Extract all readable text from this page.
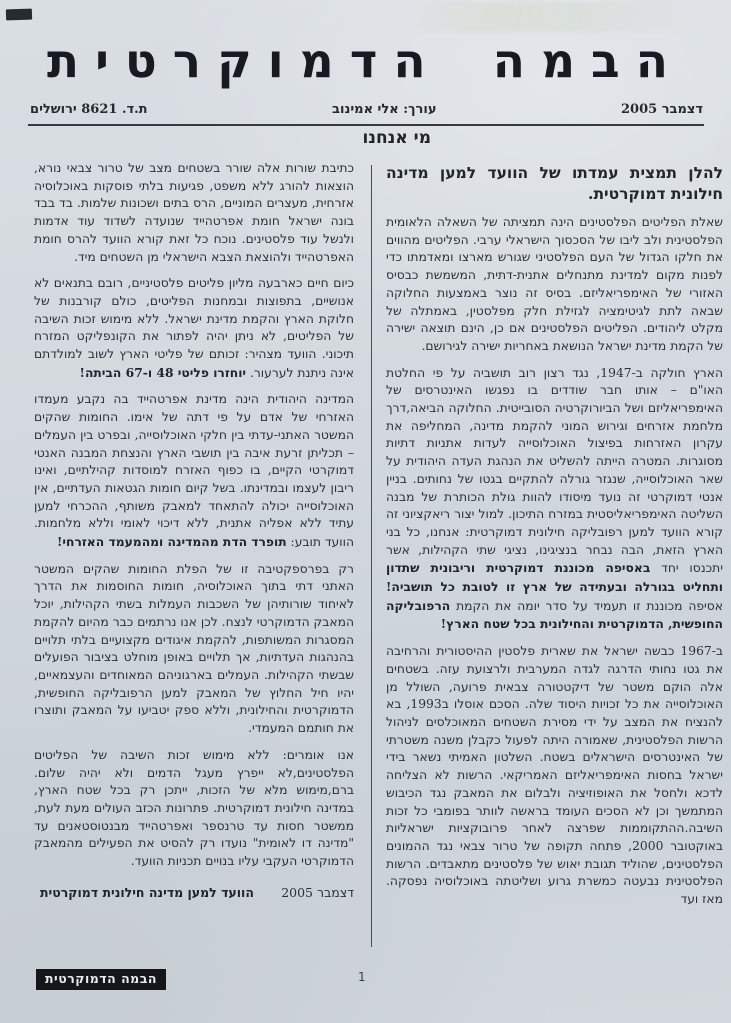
הבמה הדמוקרטית
דצמבר 2005
עורך: אלי אמינוב
ת.ד. 8621 ירושלים
מי אנחנו

להלן תמצית עמדתו של הוועד למען מדינה חילונית דמוקרטית.

שאלת הפליטים הפלסטינים הינה תמציתה של השאלה הלאומית הפלסטינית ולב ליבו של הסכסוך הישראלי ערבי. הפליטים מהווים את חלקו הגדול של העם הפלסטיני שגורש מארצו ומאדמתו כדי לפנות מקום למדינת מתנחלים אתנית-דתית, המשמשת כבסיס האזורי של האימפריאליזם. בסיס זה נוצר באמצעות החלוקה שבאה לתת לגיטימציה לגזילת חלק מפלסטין, באמתלה של מקלט ליהודים. הפליטים הפלסטינים אם כן, הינם תוצאה ישירה של הקמת מדינת ישראל הנושאת באחריות ישירה לגירושם.

הארץ חולקה ב-1947, נגד רצון רוב תושביה על פי החלטת האו"ם – אותו חבר שודדים בו נפגשו האינטרסים של האימפריאליזם ושל הביורוקרטיה הסובייטית. החלוקה הביאה,דרך מלחמת אזרחים וגירוש המוני להקמת מדינה, המחליפה את עקרון האזרחות בפיצול האוכלוסייה לעדות אתניות דתיות מסוגרות. המטרה הייתה להשליט את הנהגת העדה היהודית על שאר האוכלוסייה, שנגזר גורלה להתקיים בגטו של נחותים. בניין אנטי דמוקרטי זה נועד מיסודו להוות גולת הכותרת של מבנה השליטה האימפריאליסטית במזרח התיכון. למול יצור ריאקציוני זה קורא הוועד למען רפובליקה חילונית דמוקרטית: אנחנו, כל בני הארץ הזאת, הבה נבחר בנציגינו, נציגי שתי הקהילות, אשר יתכנסו יחד באסיפה מכוננת דמוקרטית וריבונית שתדון ותחליט בגורלה ובעתידה של ארץ זו לטובת כל תושביה! אסיפה מכוננת זו תעמיד על סדר יומה את הקמת הרפובליקה החופשית, הדמוקרטית והחילונית בכל שטח הארץ!

ב-1967 כבשה ישראל את שארית פלסטין ההיסטורית והרחיבה את גטו נחותי הדרגה לגדה המערבית ולרצועת עזה. בשטחים אלה הוקם משטר של דיקטטורה צבאית פרועה, השולל מן האוכלוסייה את כל זכויות היסוד שלה. הסכם אוסלו ב1993, בא להנציח את המצב על ידי מסירת השטחים המאוכלסים לניהול הרשות הפלסטינית, שאמורה היתה לפעול כקבלן משנה משטרתי של האינטרסים הישראלים בשטח. השלטון האמיתי נשאר בידי ישראל בחסות האימפריאליזם האמריקאי. הרשות לא הצליחה לדכא ולחסל את האופוזיציה ולבלום את המאבק נגד הכיבוש המתמשך וכן לא הסכים העומד בראשה לוותר בפומבי כל זכות השיבה.ההתקוממות שפרצה לאחר פרובוקציות ישראליות באוקטובר 2000, פתחה תקופה של טרור צבאי נגד ההמונים הפלסטינים, שהוליד תגובת יאוש של פלסטינים מתאבדים. הרשות הפלסטינית נבעטה כמשרת גרוע ושליטתה באוכלוסיה נפסקה. מאז ועד

כתיבת שורות אלה שורר בשטחים מצב של טרור צבאי נורא, הוצאות להורג ללא משפט, פגיעות בלתי פוסקות באוכלוסיה אזרחית, מעצרים המוניים, הרס בתים ושכונות שלמות. בד בבד בונה ישראל חומת אפרטהייד שנועדה לשדוד עוד אדמות ולנשל עוד פלסטינים. נוכח כל זאת קורא הוועד להרס חומת האפרטהייד ולהוצאת הצבא הישראלי מן השטחים מיד.

כיום חיים כארבעה מליון פליטים פלסטיניים, רובם בתנאים לא אנושיים, בתפוצות ובמחנות הפליטים, כולם קורבנות של חלוקת הארץ והקמת מדינת ישראל. ללא מימוש זכות השיבה של הפליטים, לא ניתן יהיה לפתור את הקונפליקט המזרח תיכוני. הוועד מצהיר: זכותם של פליטי הארץ לשוב למולדתם אינה ניתנת לערעור. יוחזרו פליטי 48 ו-67 הביתה!

המדינה היהודית הינה מדינת אפרטהייד בה נקבע מעמדו האזרחי של אדם על פי דתה של אימו. החומות שהקים המשטר האתני-עדתי בין חלקי האוכלוסייה, ובפרט בין העמלים – תכליתן זרעת איבה בין תושבי הארץ והנצחת המבנה האנטי דמוקרטי הקיים, בו כפוף האזרח למוסדות קהילתיים, ואינו ריבון לעצמו ובמדינתו. בשל קיום חומות הגטאות העדתיים, אין האוכלוסייה יכולה להתאחד למאבק משותף, ההכרחי למען עתיד ללא אפליה אתנית, ללא דיכוי לאומי וללא מלחמות. הוועד תובע: תופרד הדת מהמדינה ומהמעמד האזרחי!

רק בפרספקטיבה זו של הפלת החומות שהקים המשטר האתני דתי בתוך האוכלוסיה, חומות החוסמות את הדרך לאיחוד שורותיהן של השכבות העמלות בשתי הקהילות, יוכל המאבק הדמוקרטי לנצח. לכן אנו נרתמים כבר מהיום להקמת המסגרות המשותפות, להקמת איגודים מקצועיים בלתי תלויים בהנהגות העדתיות, אך תלויים באופן מוחלט בציבור הפועלים שבשתי הקהילות. העמלים בארגוניהם המאוחדים והעצמאיים, יהיו חיל החלוץ של המאבק למען הרפובליקה החופשית, הדמוקרטית והחילונית, וללא ספק יטביעו על המאבק ותוצרו את חותמם המעמדי.

אנו אומרים: ללא מימוש זכות השיבה של הפליטים הפלסטינים,לא ייפרץ מעגל הדמים ולא יהיה שלום. ברם,מימוש מלא של הזכות, ייתכן רק בכל שטח הארץ, במדינה חילונית דמוקרטית. פתרונות הכזב העולים מעת לעת, ממשטר חסות עד טרנספר ואפרטהייד מבנטוסטאנים עד "מדינה דו לאומית" נועדו רק להסיט את הפעילים מהמאבק הדמוקרטי העקבי עליו בנויים תכניות הוועד.

דצמבר 2005
הוועד למען מדינה חילונית דמוקרטית
הבמה הדמוקרטית	1
